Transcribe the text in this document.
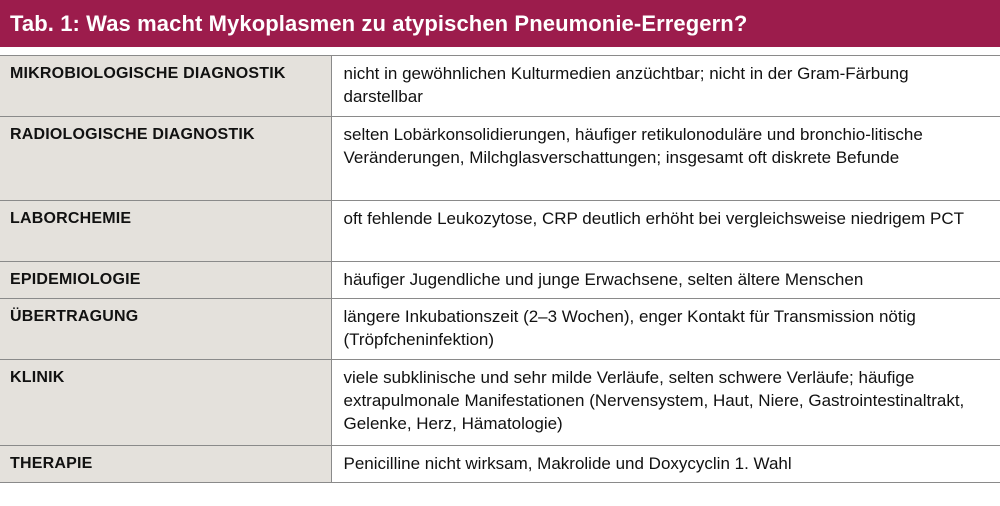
Tab. 1: Was macht Mykoplasmen zu atypischen Pneumonie-Erregern?
MIKROBIOLOGISCHE DIAGNOSTIK	nicht in gewöhnlichen Kulturmedien anzüchtbar; nicht in der Gram-Färbung darstellbar
RADIOLOGISCHE DIAGNOSTIK	selten Lobärkonsolidierungen, häufiger retikulonoduläre und bronchio-litische Veränderungen, Milchglasverschattungen; insgesamt oft diskrete Befunde
LABORCHEMIE	oft fehlende Leukozytose, CRP deutlich erhöht bei vergleichsweise niedrigem PCT
EPIDEMIOLOGIE	häufiger Jugendliche und junge Erwachsene, selten ältere Menschen
ÜBERTRAGUNG	längere Inkubationszeit (2–3 Wochen), enger Kontakt für Transmission nötig (Tröpfcheninfektion)
KLINIK	viele subklinische und sehr milde Verläufe, selten schwere Verläufe; häufige extrapulmonale Manifestationen (Nervensystem, Haut, Niere, Gastrointestinaltrakt, Gelenke, Herz, Hämatologie)
THERAPIE	Penicilline nicht wirksam, Makrolide und Doxycyclin 1. Wahl
